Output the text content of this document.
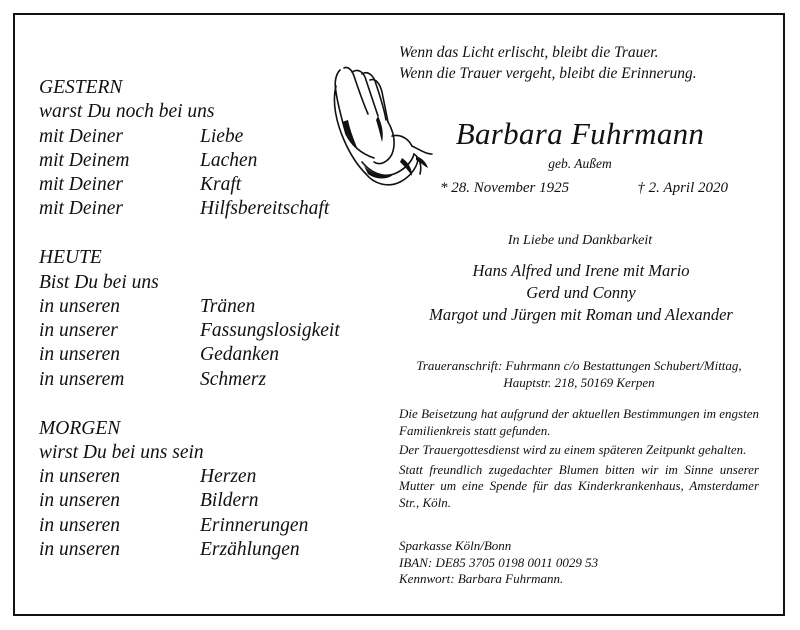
GESTERN
warst Du noch bei uns
mit Deiner	Liebe
mit Deinem	Lachen
mit Deiner	Kraft
mit Deiner	Hilfsbereitschaft
HEUTE
Bist Du bei uns
in unseren	Tränen
in unserer	Fassungslosigkeit
in unseren	Gedanken
in unserem	Schmerz
MORGEN
wirst Du bei uns sein
in unseren	Herzen
in unseren	Bildern
in unseren	Erinnerungen
in unseren	Erzählungen
Wenn das Licht erlischt, bleibt die Trauer.
Wenn die Trauer vergeht, bleibt die Erinnerung.
Barbara Fuhrmann
geb. Außem
* 28. November 1925	† 2. April 2020
In Liebe und Dankbarkeit
Hans Alfred und Irene mit Mario
Gerd und Conny
Margot und Jürgen mit Roman und Alexander
Traueranschrift: Fuhrmann c/o Bestattungen Schubert/Mittag,
Hauptstr. 218, 50169 Kerpen

Die Beisetzung hat aufgrund der aktuellen Bestimmungen im engsten Familienkreis statt gefunden.

Der Trauergottesdienst wird zu einem späteren Zeitpunkt gehalten.

Statt freundlich zugedachter Blumen bitten wir im Sinne unserer Mutter um eine Spende für das Kinderkrankenhaus, Amsterdamer Str., Köln.

Sparkasse Köln/Bonn
IBAN: DE85 3705 0198 0011 0029 53
Kennwort: Barbara Fuhrmann.
